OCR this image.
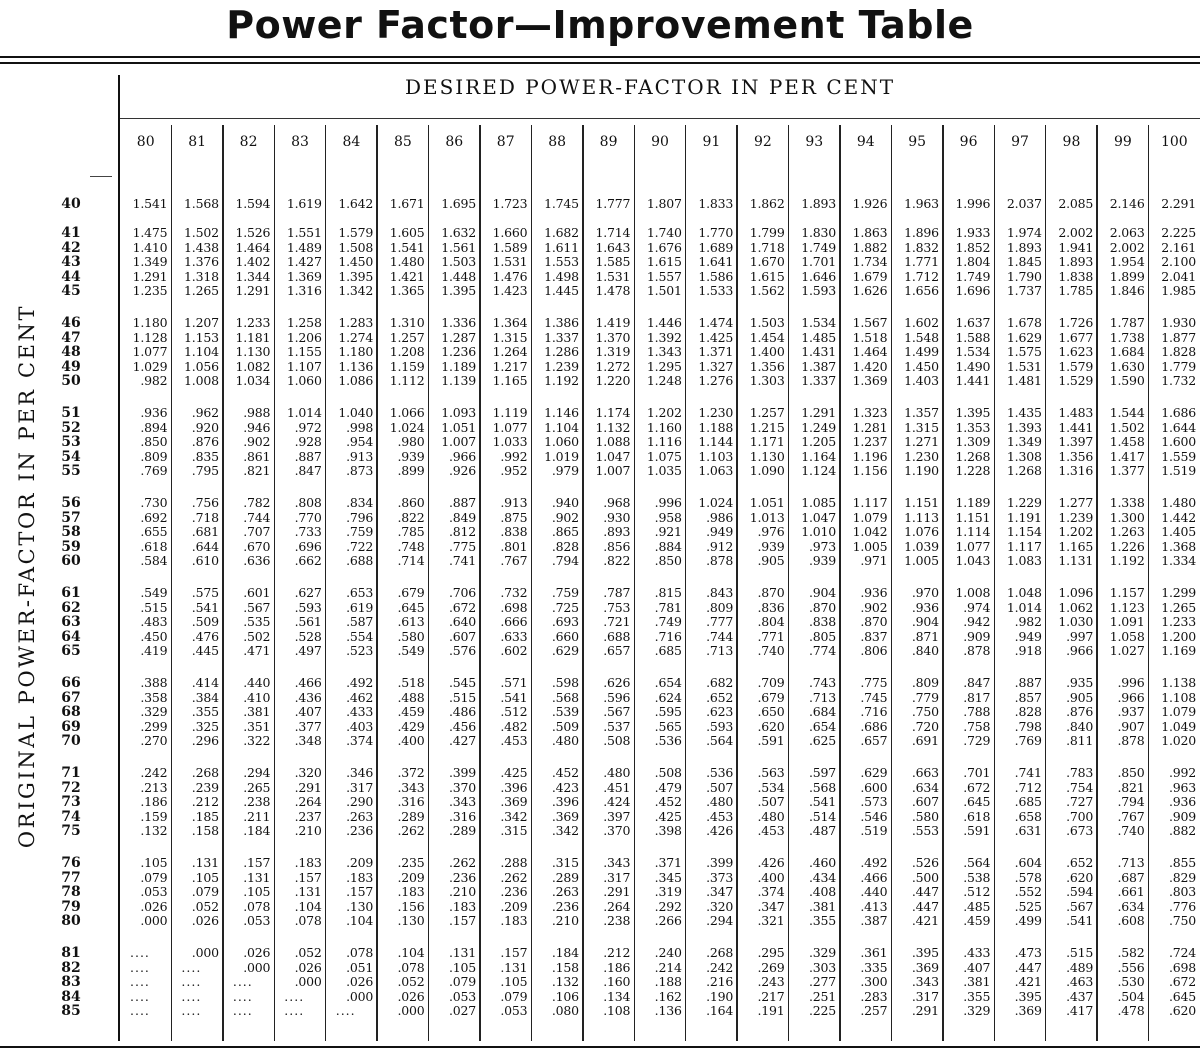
Power Factor—Improvement Table
ORIGINAL POWER-FACTOR IN PER CENT
DESIRED POWER-FACTOR IN PER CENT
80	81	82	83	84	85	86	87	88	89	90	91	92	93	94	95	96	97	98	99	100
40	1.541	1.568	1.594	1.619	1.642	1.671	1.695	1.723	1.745	1.777	1.807	1.833	1.862	1.893	1.926	1.963	1.996	2.037	2.085	2.146	2.291
41	1.475	1.502	1.526	1.551	1.579	1.605	1.632	1.660	1.682	1.714	1.740	1.770	1.799	1.830	1.863	1.896	1.933	1.974	2.002	2.063	2.225
42	1.410	1.438	1.464	1.489	1.508	1.541	1.561	1.589	1.611	1.643	1.676	1.689	1.718	1.749	1.882	1.832	1.852	1.893	1.941	2.002	2.161
43	1.349	1.376	1.402	1.427	1.450	1.480	1.503	1.531	1.553	1.585	1.615	1.641	1.670	1.701	1.734	1.771	1.804	1.845	1.893	1.954	2.100
44	1.291	1.318	1.344	1.369	1.395	1.421	1.448	1.476	1.498	1.531	1.557	1.586	1.615	1.646	1.679	1.712	1.749	1.790	1.838	1.899	2.041
45	1.235	1.265	1.291	1.316	1.342	1.365	1.395	1.423	1.445	1.478	1.501	1.533	1.562	1.593	1.626	1.656	1.696	1.737	1.785	1.846	1.985
46	1.180	1.207	1.233	1.258	1.283	1.310	1.336	1.364	1.386	1.419	1.446	1.474	1.503	1.534	1.567	1.602	1.637	1.678	1.726	1.787	1.930
47	1.128	1.153	1.181	1.206	1.274	1.257	1.287	1.315	1.337	1.370	1.392	1.425	1.454	1.485	1.518	1.548	1.588	1.629	1.677	1.738	1.877
48	1.077	1.104	1.130	1.155	1.180	1.208	1.236	1.264	1.286	1.319	1.343	1.371	1.400	1.431	1.464	1.499	1.534	1.575	1.623	1.684	1.828
49	1.029	1.056	1.082	1.107	1.136	1.159	1.189	1.217	1.239	1.272	1.295	1.327	1.356	1.387	1.420	1.450	1.490	1.531	1.579	1.630	1.779
50	.982	1.008	1.034	1.060	1.086	1.112	1.139	1.165	1.192	1.220	1.248	1.276	1.303	1.337	1.369	1.403	1.441	1.481	1.529	1.590	1.732
51	.936	.962	.988	1.014	1.040	1.066	1.093	1.119	1.146	1.174	1.202	1.230	1.257	1.291	1.323	1.357	1.395	1.435	1.483	1.544	1.686
52	.894	.920	.946	.972	.998	1.024	1.051	1.077	1.104	1.132	1.160	1.188	1.215	1.249	1.281	1.315	1.353	1.393	1.441	1.502	1.644
53	.850	.876	.902	.928	.954	.980	1.007	1.033	1.060	1.088	1.116	1.144	1.171	1.205	1.237	1.271	1.309	1.349	1.397	1.458	1.600
54	.809	.835	.861	.887	.913	.939	.966	.992	1.019	1.047	1.075	1.103	1.130	1.164	1.196	1.230	1.268	1.308	1.356	1.417	1.559
55	.769	.795	.821	.847	.873	.899	.926	.952	.979	1.007	1.035	1.063	1.090	1.124	1.156	1.190	1.228	1.268	1.316	1.377	1.519
56	.730	.756	.782	.808	.834	.860	.887	.913	.940	.968	.996	1.024	1.051	1.085	1.117	1.151	1.189	1.229	1.277	1.338	1.480
57	.692	.718	.744	.770	.796	.822	.849	.875	.902	.930	.958	.986	1.013	1.047	1.079	1.113	1.151	1.191	1.239	1.300	1.442
58	.655	.681	.707	.733	.759	.785	.812	.838	.865	.893	.921	.949	.976	1.010	1.042	1.076	1.114	1.154	1.202	1.263	1.405
59	.618	.644	.670	.696	.722	.748	.775	.801	.828	.856	.884	.912	.939	.973	1.005	1.039	1.077	1.117	1.165	1.226	1.368
60	.584	.610	.636	.662	.688	.714	.741	.767	.794	.822	.850	.878	.905	.939	.971	1.005	1.043	1.083	1.131	1.192	1.334
61	.549	.575	.601	.627	.653	.679	.706	.732	.759	.787	.815	.843	.870	.904	.936	.970	1.008	1.048	1.096	1.157	1.299
62	.515	.541	.567	.593	.619	.645	.672	.698	.725	.753	.781	.809	.836	.870	.902	.936	.974	1.014	1.062	1.123	1.265
63	.483	.509	.535	.561	.587	.613	.640	.666	.693	.721	.749	.777	.804	.838	.870	.904	.942	.982	1.030	1.091	1.233
64	.450	.476	.502	.528	.554	.580	.607	.633	.660	.688	.716	.744	.771	.805	.837	.871	.909	.949	.997	1.058	1.200
65	.419	.445	.471	.497	.523	.549	.576	.602	.629	.657	.685	.713	.740	.774	.806	.840	.878	.918	.966	1.027	1.169
66	.388	.414	.440	.466	.492	.518	.545	.571	.598	.626	.654	.682	.709	.743	.775	.809	.847	.887	.935	.996	1.138
67	.358	.384	.410	.436	.462	.488	.515	.541	.568	.596	.624	.652	.679	.713	.745	.779	.817	.857	.905	.966	1.108
68	.329	.355	.381	.407	.433	.459	.486	.512	.539	.567	.595	.623	.650	.684	.716	.750	.788	.828	.876	.937	1.079
69	.299	.325	.351	.377	.403	.429	.456	.482	.509	.537	.565	.593	.620	.654	.686	.720	.758	.798	.840	.907	1.049
70	.270	.296	.322	.348	.374	.400	.427	.453	.480	.508	.536	.564	.591	.625	.657	.691	.729	.769	.811	.878	1.020
71	.242	.268	.294	.320	.346	.372	.399	.425	.452	.480	.508	.536	.563	.597	.629	.663	.701	.741	.783	.850	.992
72	.213	.239	.265	.291	.317	.343	.370	.396	.423	.451	.479	.507	.534	.568	.600	.634	.672	.712	.754	.821	.963
73	.186	.212	.238	.264	.290	.316	.343	.369	.396	.424	.452	.480	.507	.541	.573	.607	.645	.685	.727	.794	.936
74	.159	.185	.211	.237	.263	.289	.316	.342	.369	.397	.425	.453	.480	.514	.546	.580	.618	.658	.700	.767	.909
75	.132	.158	.184	.210	.236	.262	.289	.315	.342	.370	.398	.426	.453	.487	.519	.553	.591	.631	.673	.740	.882
76	.105	.131	.157	.183	.209	.235	.262	.288	.315	.343	.371	.399	.426	.460	.492	.526	.564	.604	.652	.713	.855
77	.079	.105	.131	.157	.183	.209	.236	.262	.289	.317	.345	.373	.400	.434	.466	.500	.538	.578	.620	.687	.829
78	.053	.079	.105	.131	.157	.183	.210	.236	.263	.291	.319	.347	.374	.408	.440	.447	.512	.552	.594	.661	.803
79	.026	.052	.078	.104	.130	.156	.183	.209	.236	.264	.292	.320	.347	.381	.413	.447	.485	.525	.567	.634	.776
80	.000	.026	.053	.078	.104	.130	.157	.183	.210	.238	.266	.294	.321	.355	.387	.421	.459	.499	.541	.608	.750
81	....	.000	.026	.052	.078	.104	.131	.157	.184	.212	.240	.268	.295	.329	.361	.395	.433	.473	.515	.582	.724
82	....	....	.000	.026	.051	.078	.105	.131	.158	.186	.214	.242	.269	.303	.335	.369	.407	.447	.489	.556	.698
83	....	....	....	.000	.026	.052	.079	.105	.132	.160	.188	.216	.243	.277	.300	.343	.381	.421	.463	.530	.672
84	....	....	....	....	.000	.026	.053	.079	.106	.134	.162	.190	.217	.251	.283	.317	.355	.395	.437	.504	.645
85	....	....	....	....	....	.000	.027	.053	.080	.108	.136	.164	.191	.225	.257	.291	.329	.369	.417	.478	.620
